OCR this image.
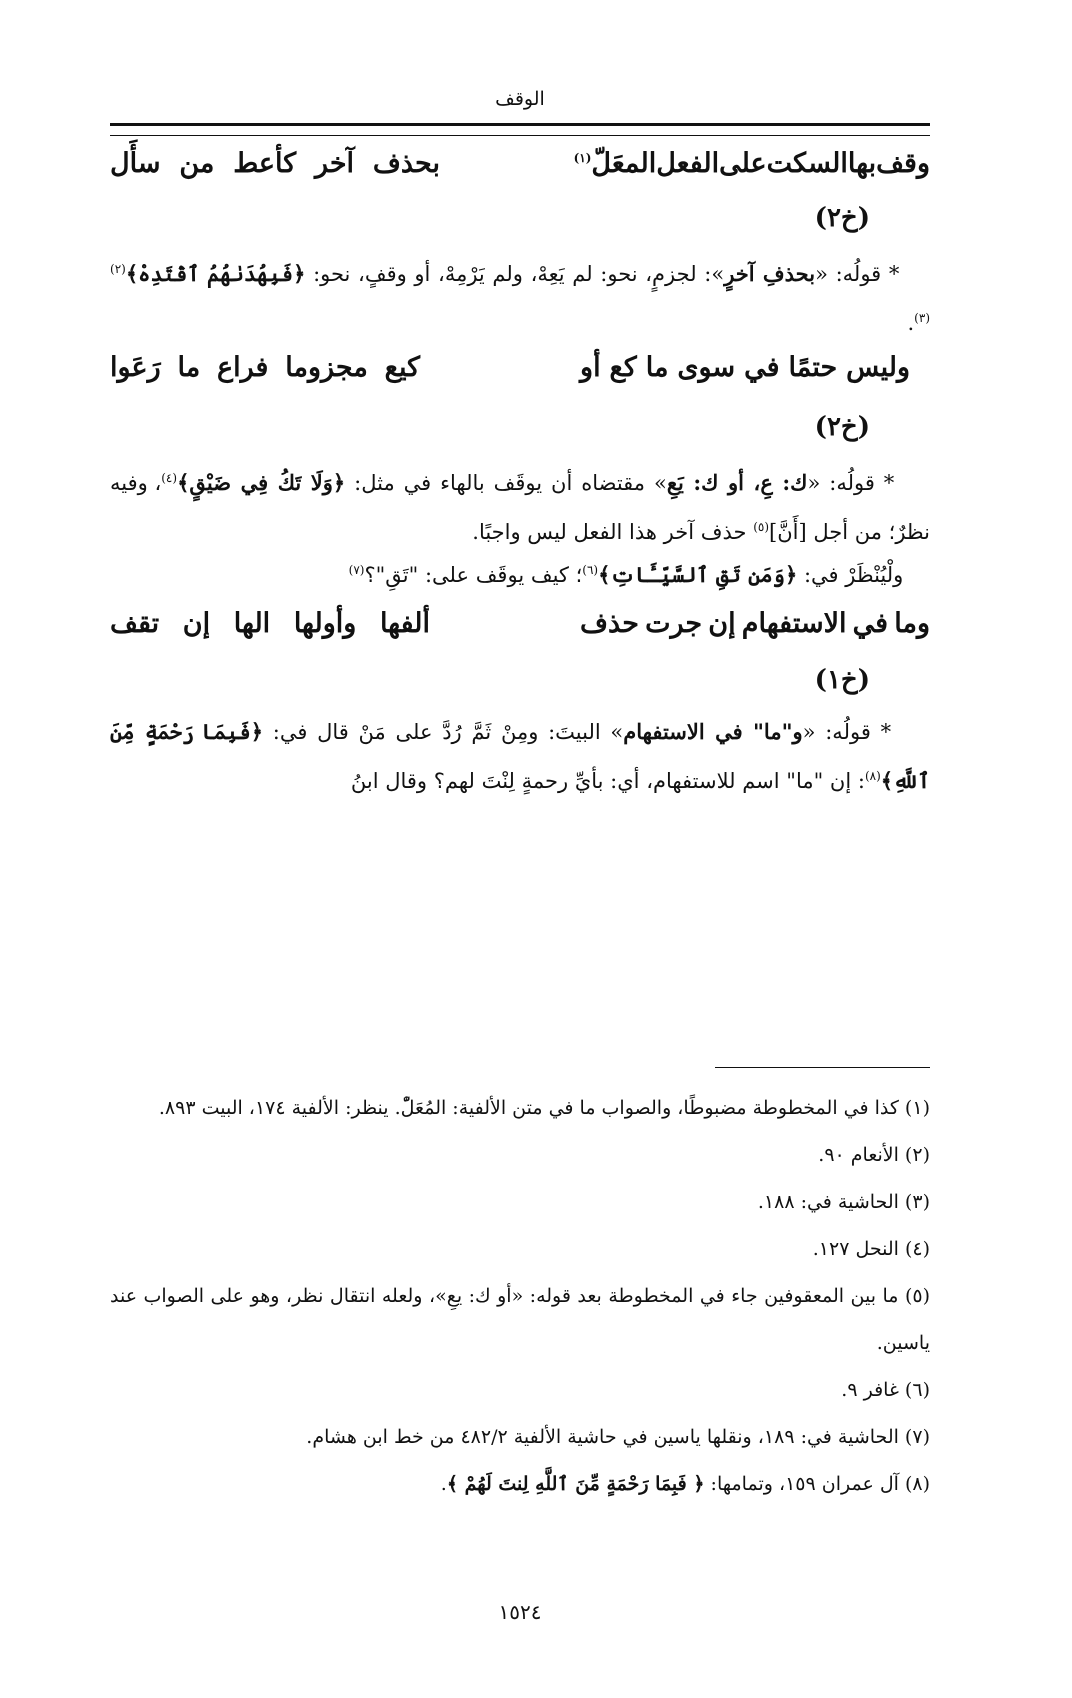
الوقف
وقف
بها
السكت
على
الفعل
المعَلّ$^{(١)}$
بحذف
آخر
كأعط
من
سأَل
(خ٢)
* قولُه: «بحذفِ آخرٍ»: لجزمٍ، نحو: لم يَعِهْ، ولم يَرْمِهْ، أو وقفٍ، نحو: ﴿فَبِهُدَىٰهُمُ ٱقْتَدِهْ﴾$^{(٢)(٣)}$.
وليس
حتمًا
في
سوى
ما
كع
أو
كيع
مجزوما
فراع
ما
رَعَوا
(خ٢)
* قولُه: «ك: عِ، أو ك: يَعِ» مقتضاه أن يوقَف بالهاء في مثل: ﴿وَلَا تَكُ فِي ضَيْقٍ﴾$^{(٤)}$، وفيه نظرٌ؛ من أجل [أَنَّ]$^{(٥)}$ حذف آخر هذا الفعل ليس واجبًا.
ولْيُنْظَرْ في: ﴿وَمَن تَقِ ٱلسَّيِّـَٔاتِ﴾$^{(٦)}$؛ كيف يوقَف على: "تَقِ"؟$^{(٧)}$
وما
في
الاستفهام
إن
جرت
حذف
ألفها
وأولها
الها
إن
تقف
(خ١)
* قولُه: «و"ما" في الاستفهام» البيتَ: ومِنْ ثَمَّ رُدَّ على مَنْ قال في: ﴿فَبِمَا رَحْمَةٍ مِّنَ ٱللَّهِ﴾$^{(٨)}$: إن "ما" اسم للاستفهام، أي: بأيِّ رحمةٍ لِنْتَ لهم؟ وقال ابنُ
(١) كذا في المخطوطة مضبوطًا، والصواب ما في متن الألفية: المُعَلّْ. ينظر: الألفية ١٧٤، البيت ٨٩٣.
(٢) الأنعام ٩٠.
(٣) الحاشية في: ١٨٨.
(٤) النحل ١٢٧.
(٥) ما بين المعقوفين جاء في المخطوطة بعد قوله: «أو ك: يعِ»، ولعله انتقال نظر، وهو على الصواب عند ياسين.
(٦) غافر ٩.
(٧) الحاشية في: ١٨٩، ونقلها ياسين في حاشية الألفية ٤٨٢/٢ من خط ابن هشام.
(٨) آل عمران ١٥٩، وتمامها: ﴿ فَبِمَا رَحْمَةٍ مِّنَ ٱللَّهِ لِنتَ لَهُمْ ﴾.
١٥٢٤
